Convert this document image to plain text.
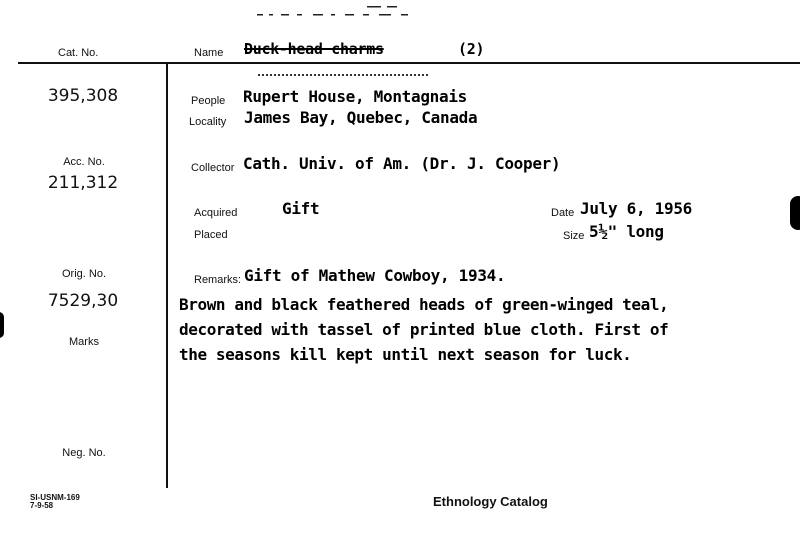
Cat. No.	Name Duck-head charms	(2)
395,308
Acc. No.
211,312
Orig. No.
7529,30
Marks
Neg. No.
People Rupert House, Montagnais
Locality James Bay, Quebec, Canada
Collector Cath. Univ. of Am. (Dr. J. Cooper)
Acquired	Gift
Placed
Date July 6, 1956
Size 5½" long
Remarks: Gift of Mathew Cowboy, 1934.
Brown and black feathered heads of green-winged teal,
decorated with tassel of printed blue cloth. First of
the seasons kill kept until next season for luck.
SI-USNM-169
7-9-58	Ethnology Catalog
